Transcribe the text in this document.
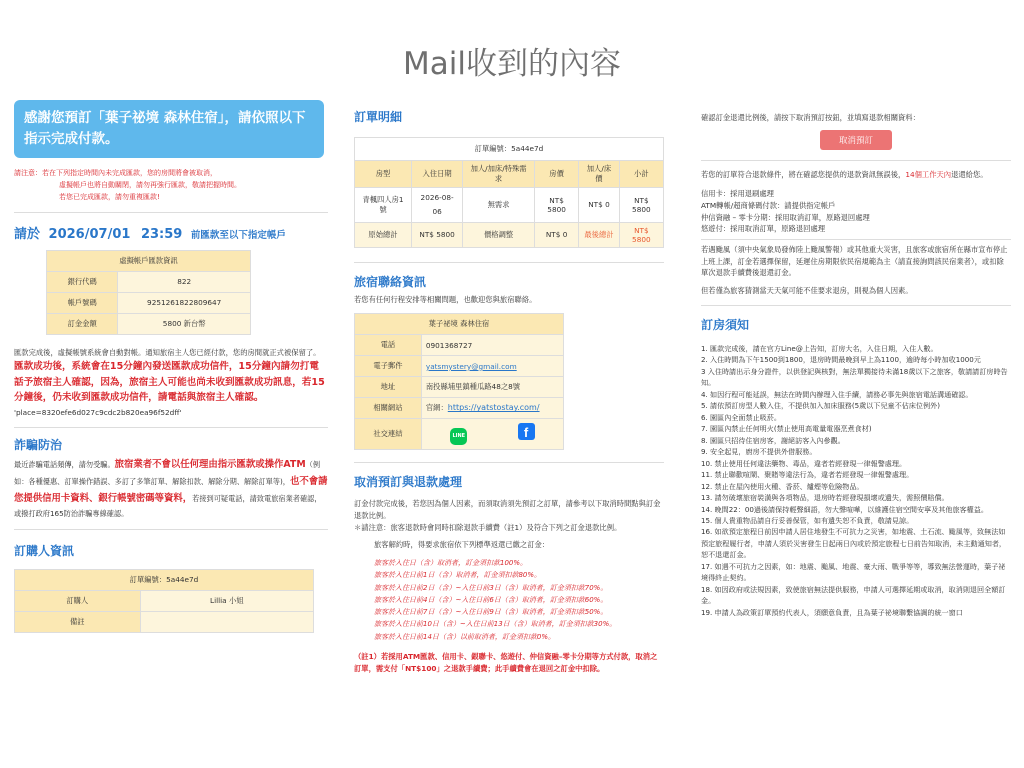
Mail收到的內容
感謝您預訂「葉子祕境 森林住宿」，請依照以下指示完成付款。
請注意：若在下列指定時間內未完成匯款，您的房間將會被取消，
虛擬帳戶也將自動關閉，請勿再強行匯款，敬請把握時間。
若您已完成匯款，請勿重複匯款!
請於 2026/07/01 23:59 前匯款至以下指定帳戶
虛擬帳戶匯款資訊	
銀行代碼	822
帳戶號碼	9251261822809647
訂金金額	5800 新台幣
匯款完成後，虛擬帳號系統會自動對帳。通知旅宿主人您已經付款，您的房間就正式被保留了。匯款成功後，系統會在15分鐘內發送匯款成功信件，15分鐘內請勿打電話予旅宿主人確認，因為，旅宿主人可能也尚未收到匯款成功訊息，若15分鐘後，仍未收到匯款成功信件，請電話與旅宿主人確認。
'place=8320efe6d027c9cdc2b820ea96f52dff'
詐騙防治
最近詐騙電話頻傳，請勿受騙。旅宿業者不會以任何理由指示匯款或操作ATM（例如：各種優惠、訂單操作錯誤、多訂了多筆訂單、解除扣款、解除分期、解除訂單等)，也不會請您提供信用卡資料、銀行帳號密碼等資料，若接到可疑電話，請致電旅宿業者確認，或撥打政府165防治詐騙專線確認。
訂購人資訊
訂單編號：5a44e7d	
訂購人	Lillia 小姐
備註	
訂單明細
訂單編號：5a44e7d					
房型	入住日期	加人/加床/特殊需求	房價	加人/床價	小計
青楓四人房1號	2026-08-06	無需求	NT$ 5800	NT$ 0	NT$ 5800
原始總計	NT$ 5800	價格調整	NT$ 0	最後總計	NT$ 5800
旅宿聯絡資訊
若您有任何行程安排等相關問題，也歡迎您與旅宿聯絡。
葉子祕境 森林住宿	
電話	0901368727
電子郵件	yatsmystery@gmail.com
地址	南投縣埔里鎮種瓜路48之8號
相關網站	官網：https://yatstostay.com/
社交連結	LINE f
取消預訂與退款處理
訂金付款完成後，若您因為個人因素，而須取消須先預訂之訂單，請參考以下取消時間點與訂金退款比例。
＊請注意：旅客退款時會同時扣除退款手續費（註1）及符合下列之訂金退款比例。
旅客解約時，得要求旅宿依下列標準返還已繳之訂金：
旅客於入住日（含）取消者，訂金須扣款100%。
旅客於入住日前1日（含）取消者，訂金須扣款80%。
旅客於入住日前2日（含）~入住日前3日（含）取消者，訂金須扣款70%。
旅客於入住日前4日（含）~入住日前6日（含）取消者，訂金須扣款60%。
旅客於入住日前7日（含）~入住日前9日（含）取消者，訂金須扣款50%。
旅客於入住日前10日（含）~入住日前13日（含）取消者，訂金須扣款30%。
旅客於入住日前14日（含）以前取消者，訂金須扣款0%。
（註1）若採用ATM匯款、信用卡、銀聯卡、悠遊付、仲信資融–零卡分期等方式付款，取消之訂單，需支付「NT$100」之退款手續費；此手續費會在退回之訂金中扣除。
確認訂金退還比例後，請按下取消預訂按鈕，並填寫退款相關資料：
取消預訂
若您的訂單符合退款條件，將在確認您提供的退款資訊無誤後，14個工作天內退還給您。
信用卡：採用退刷處理
ATM轉帳/超商條碼付款：請提供指定帳戶
仲信資融 – 零卡分期：採用取消訂單，原路退回處理
悠遊付：採用取消訂單，原路退回處理
若遇颱風（須中央氣象局發佈陸上颱風警報）或其他重大災害，且旅客或旅宿所在縣市宣布停止上班上課，訂金若選擇保留，延遲住房期限依民宿規範為主（請直接詢問該民宿業者），或扣除單次退款手續費後退還訂金。
但若僅為旅客猜測當天天氣可能不佳要求退房，則視為個人因素。
訂房須知
1. 匯款完成後，請在官方Line@上告知，訂房大名，入住日期，入住人數。
2. 入住時間為下午1500到1800，退房時間最晚到早上為1100，逾時每小時加收1000元
3 入住時請出示身分證件，以供登記與核對，無法單獨接待未滿18歲以下之旅客，敬請請訂房時告知。
4. 如因行程可能延誤，無法在時間內辦理入住手續，請務必事先與旅宿電話溝通確認。
5. 請依預訂房型人數入住，不提供加入加床服務(5歲以下兒童不佔床位例外)
6. 園區內全面禁止吸菸。
7. 園區內禁止任何明火(禁止使用高電量電器烹煮食材)
8. 園區只招待住宿房客，謝絕訪客入內參觀。
9. 安全起見，廚房不提供外借服務。
10. 禁止使用任何違法藥物、毒品，違者若經發現一律報警處理。
11. 禁止聯歡喧鬧、聚賭等違法行為，違者若經發現一律報警處理。
12. 禁止在屋內使用火種、香菸、爐煙等危險物品。
13. 請勿破壞旅宿裝潢與各項物品，退房時若經發現損壞或遺失，需照價賠償。
14. 晚間22：00過後請保持輕聲細語，勿大聲喧嘩，以維護住宿空間安寧及其他旅客權益。
15. 個人貴重物品請自行妥善保管，如有遺失恕不負責，敬請見諒。
16. 如欲預定旅程日前因申請人居住地發生不可抗力之災害，如地震、土石流、颱風等，致無法如預定旅程履行者，申請人須於災害發生日起兩日內或於預定旅程七日前告知取消，未主動通知者，恕不退還訂金。
17. 如遇不可抗力之因素，如：地震、颱風、地震、豪大雨、戰爭等等，導致無法營運時，葉子祕境得終止契約。
18. 如因政府或法規因素，致使旅宿無法提供服務，申請人可選擇延期或取消，取消則退回全額訂金。
19. 申請人為政策訂單預約代表人，須願意負責，且為葉子祕境聯繫協調的統一窗口
